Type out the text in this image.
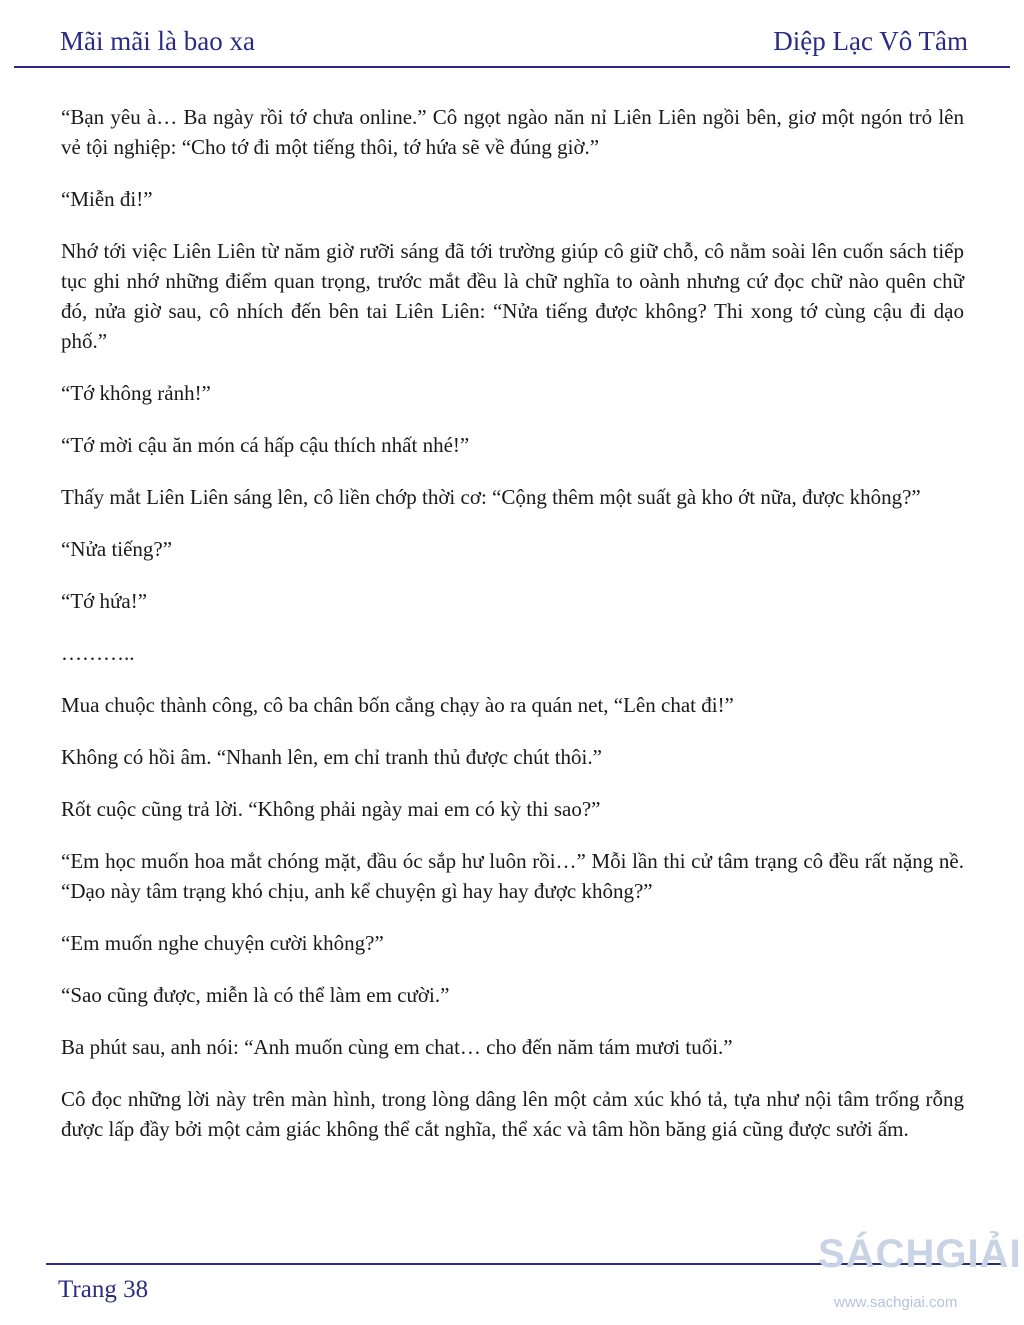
Mãi mãi là bao xa	Diệp Lạc Vô Tâm

“Bạn yêu à… Ba ngày rồi tớ chưa online.” Cô ngọt ngào năn nỉ Liên Liên ngồi bên, giơ một ngón trỏ lên vẻ tội nghiệp: “Cho tớ đi một tiếng thôi, tớ hứa sẽ về đúng giờ.”

“Miễn đi!”

Nhớ tới việc Liên Liên từ năm giờ rưỡi sáng đã tới trường giúp cô giữ chỗ, cô nằm soài lên cuốn sách tiếp tục ghi nhớ những điểm quan trọng, trước mắt đều là chữ nghĩa to oành nhưng cứ đọc chữ nào quên chữ đó, nửa giờ sau, cô nhích đến bên tai Liên Liên: “Nửa tiếng được không? Thi xong tớ cùng cậu đi dạo phố.”

“Tớ không rảnh!”

“Tớ mời cậu ăn món cá hấp cậu thích nhất nhé!”

Thấy mắt Liên Liên sáng lên, cô liền chớp thời cơ: “Cộng thêm một suất gà kho ớt nữa, được không?”

“Nửa tiếng?”

“Tớ hứa!”

………..

Mua chuộc thành công, cô ba chân bốn cẳng chạy ào ra quán net, “Lên chat đi!”

Không có hồi âm. “Nhanh lên, em chỉ tranh thủ được chút thôi.”

Rốt cuộc cũng trả lời. “Không phải ngày mai em có kỳ thi sao?”

“Em học muốn hoa mắt chóng mặt, đầu óc sắp hư luôn rồi…” Mỗi lần thi cử tâm trạng cô đều rất nặng nề. “Dạo này tâm trạng khó chịu, anh kể chuyện gì hay hay được không?”

“Em muốn nghe chuyện cười không?”

“Sao cũng được, miễn là có thể làm em cười.”

Ba phút sau, anh nói: “Anh muốn cùng em chat… cho đến năm tám mươi tuổi.”

Cô đọc những lời này trên màn hình, trong lòng dâng lên một cảm xúc khó tả, tựa như nội tâm trống rỗng được lấp đầy bởi một cảm giác không thể cắt nghĩa, thể xác và tâm hồn băng giá cũng được sưởi ấm.

Trang 38
SÁCHGIẢI
www.sachgiai.com
